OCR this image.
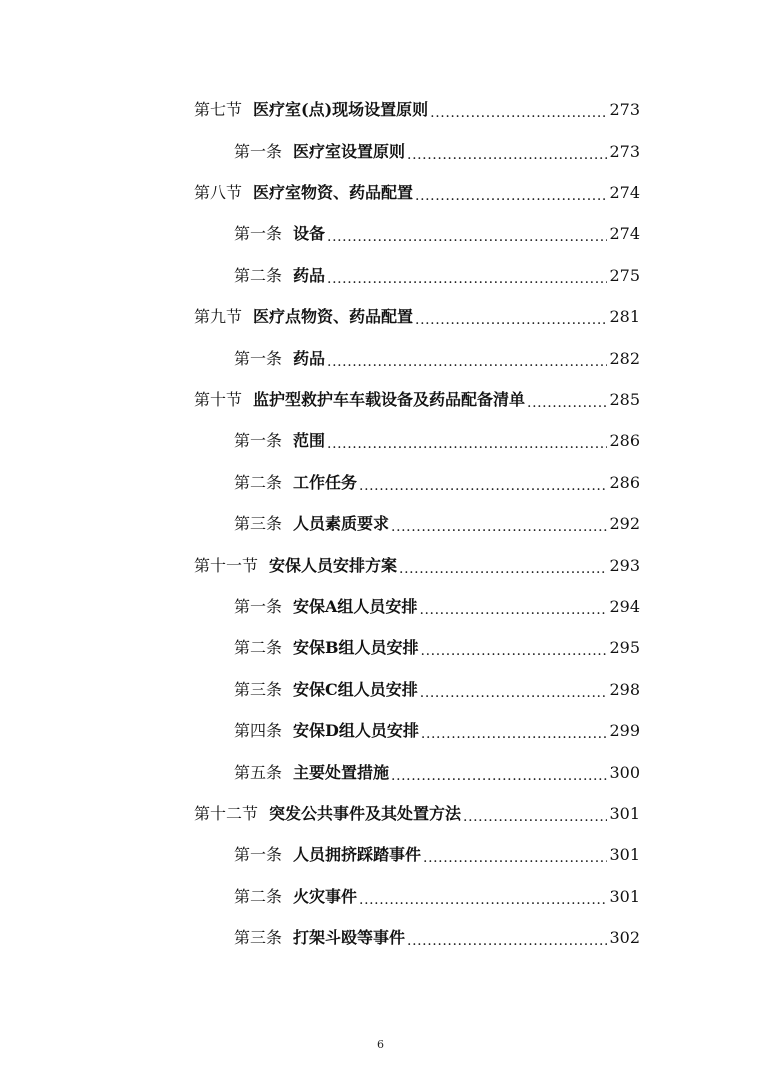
第七节 医疗室(点)现场设置原则 .....	273
第一条 医疗室设置原则 .....	273
第八节 医疗室物资、药品配置 .....	274
第一条 设备 .....	274
第二条 药品 .....	275
第九节 医疗点物资、药品配置 .....	281
第一条 药品 .....	282
第十节 监护型救护车车载设备及药品配备清单 .....	285
第一条 范围 .....	286
第二条 工作任务 .....	286
第三条 人员素质要求 .....	292
第十一节 安保人员安排方案 .....	293
第一条 安保A组人员安排 .....	294
第二条 安保B组人员安排 .....	295
第三条 安保C组人员安排 .....	298
第四条 安保D组人员安排 .....	299
第五条 主要处置措施 .....	300
第十二节 突发公共事件及其处置方法 .....	301
第一条 人员拥挤踩踏事件 .....	301
第二条 火灾事件 .....	301
第三条 打架斗殴等事件 .....	302
6
